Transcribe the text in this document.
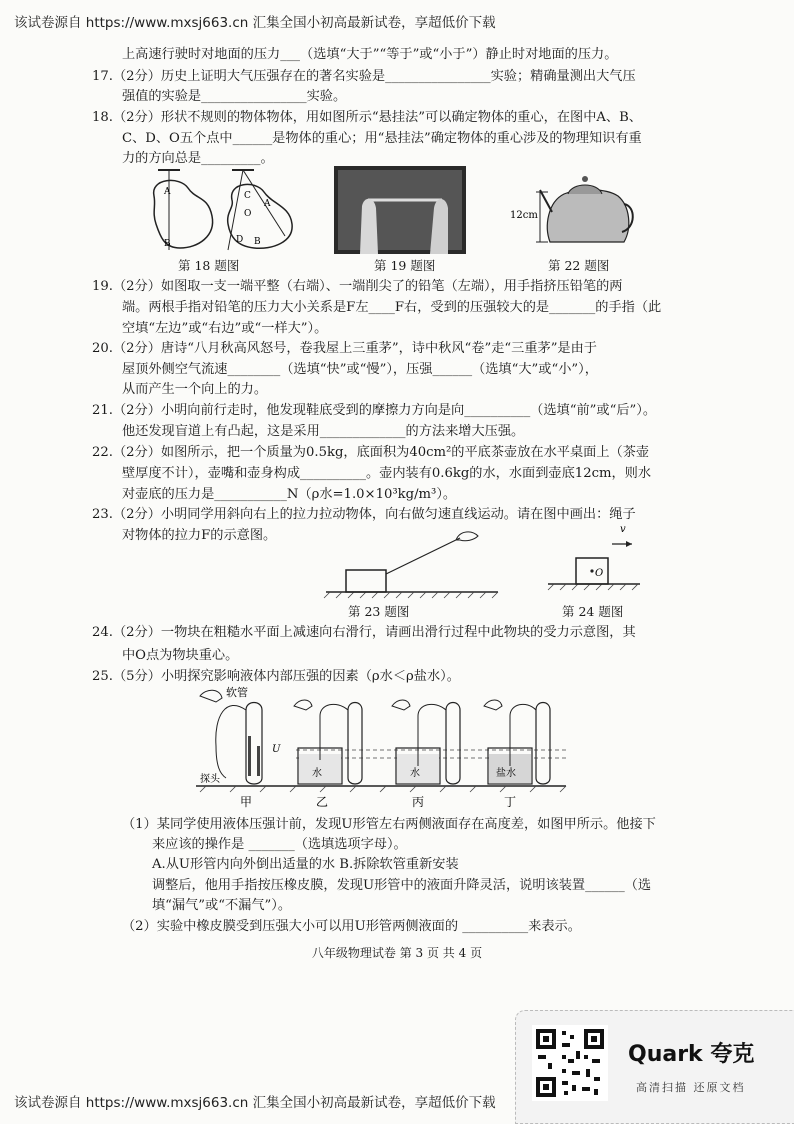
该试卷源自 https://www.mxsj663.cn 汇集全国小初高最新试卷，享超低价下载
上高速行驶时对地面的压力___（选填“大于”“等于”或“小于”）静止时对地面的压力。
17.（2分）历史上证明大气压强存在的著名实验是________________实验；精确量测出大气压
强值的实验是________________实验。
18.（2分）形状不规则的物体物体，用如图所示“悬挂法”可以确定物体的重心，在图中A、B、
C、D、O五个点中______是物体的重心；用“悬挂法”确定物体的重心涉及的物理知识有重
力的方向总是_________。
A
B
C
A
O
D B
第 18 题图	第 19 题图
12cm
第 22 题图
19.（2分）如图取一支一端平整（右端）、一端削尖了的铅笔（左端），用手指挤压铅笔的两
端。两根手指对铅笔的压力大小关系是F左____F右，受到的压强较大的是_______的手指（此
空填“左边”或“右边”或“一样大”）。
20.（2分）唐诗“八月秋高风怒号，卷我屋上三重茅”，诗中秋风“卷”走“三重茅”是由于
屋顶外侧空气流速________（选填“快”或“慢”），压强______（选填“大”或“小”），
从而产生一个向上的力。
21.（2分）小明向前行走时，他发现鞋底受到的摩擦力方向是向__________（选填“前”或“后”）。
他还发现盲道上有凸起，这是采用_____________的方法来增大压强。
22.（2分）如图所示，把一个质量为0.5kg，底面积为40cm²的平底茶壶放在水平桌面上（茶壶
壁厚度不计），壶嘴和壶身构成__________。壶内装有0.6kg的水，水面到壶底12cm，则水
对壶底的压力是___________N（ρ水=1.0×10³kg/m³）。
23.（2分）小明同学用斜向右上的拉力拉动物体，向右做匀速直线运动。请在图中画出：绳子
对物体的拉力F的示意图。
第 23 题图
v
O
第 24 题图
24.（2分）一物块在粗糙水平面上减速向右滑行，请画出滑行过程中此物块的受力示意图，其
中O点为物块重心。
25.（5分）小明探究影响液体内部压强的因素（ρ水＜ρ盐水）。
软管
U
探头
水	水	盐水
甲	乙	丙	丁
（1）某同学使用液体压强计前，发现U形管左右两侧液面存在高度差，如图甲所示。他接下
来应该的操作是 _______（选填选项字母）。
A.从U形管内向外倒出适量的水 B.拆除软管重新安装
调整后，他用手指按压橡皮膜，发现U形管中的液面升降灵活，说明该装置______（选
填“漏气”或“不漏气”）。
（2）实验中橡皮膜受到压强大小可以用U形管两侧液面的 __________来表示。
八年级物理试卷 第 3 页 共 4 页
Quark 夸克
高清扫描 还原文档
该试卷源自 https://www.mxsj663.cn 汇集全国小初高最新试卷，享超低价下载
